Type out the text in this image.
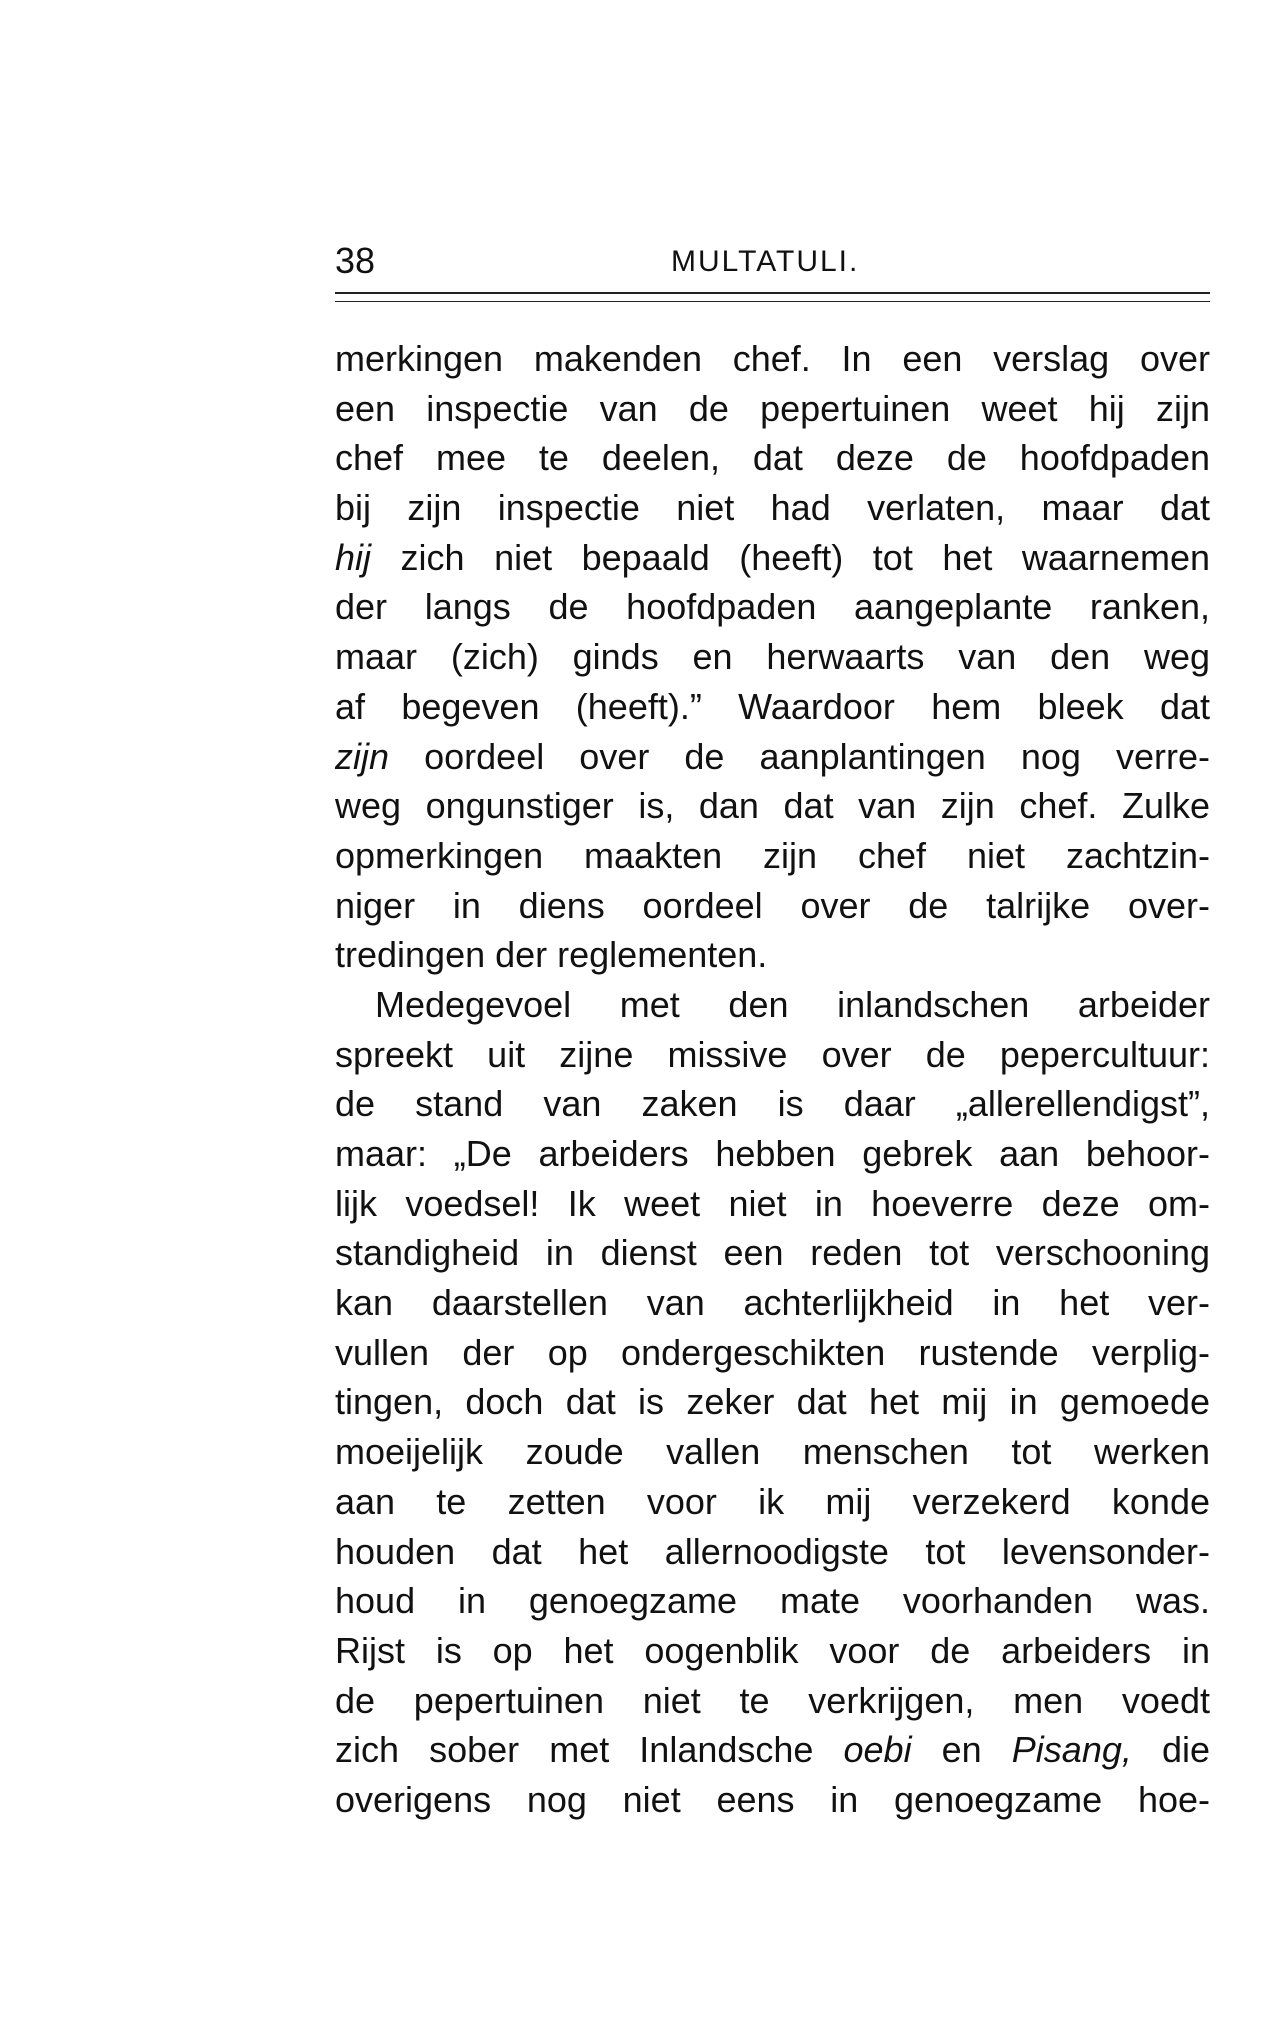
38	MULTATULI.
merkingen makenden chef. In een verslag over
een inspectie van de pepertuinen weet hij zijn
chef mee te deelen, dat deze de hoofdpaden
bij zijn inspectie niet had verlaten, maar dat
hij zich niet bepaald (heeft) tot het waarnemen
der langs de hoofdpaden aangeplante ranken,
maar (zich) ginds en herwaarts van den weg
af begeven (heeft).” Waardoor hem bleek dat
zijn oordeel over de aanplantingen nog verre-
weg ongunstiger is, dan dat van zijn chef. Zulke
opmerkingen maakten zijn chef niet zachtzin-
niger in diens oordeel over de talrijke over-
tredingen der reglementen.
Medegevoel met den inlandschen arbeider
spreekt uit zijne missive over de pepercultuur:
de stand van zaken is daar „allerellendigst”,
maar: „De arbeiders hebben gebrek aan behoor-
lijk voedsel! Ik weet niet in hoeverre deze om-
standigheid in dienst een reden tot verschooning
kan daarstellen van achterlijkheid in het ver-
vullen der op ondergeschikten rustende verplig-
tingen, doch dat is zeker dat het mij in gemoede
moeijelijk zoude vallen menschen tot werken
aan te zetten voor ik mij verzekerd konde
houden dat het allernoodigste tot levensonder-
houd in genoegzame mate voorhanden was.
Rijst is op het oogenblik voor de arbeiders in
de pepertuinen niet te verkrijgen, men voedt
zich sober met Inlandsche oebi en Pisang, die
overigens nog niet eens in genoegzame hoe-
